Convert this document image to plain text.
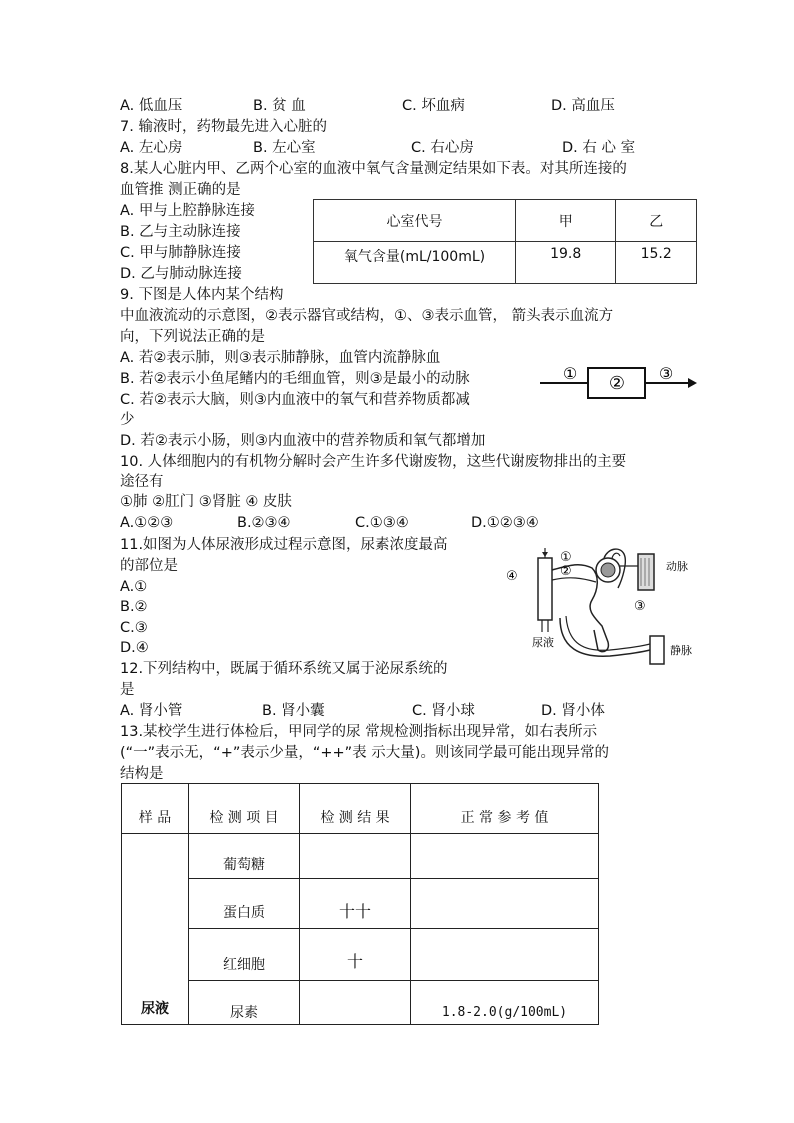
A. 低血压	B. 贫 血	C. 坏血病	D. 高血压
7. 输液时，药物最先进入心脏的
A. 左心房	B. 左心室	C. 右心房	D. 右 心 室
8.某人心脏内甲、乙两个心室的血液中氧气含量测定结果如下表。对其所连接的
血管推 测正确的是
A. 甲与上腔静脉连接
B. 乙与主动脉连接
C. 甲与肺静脉连接
D. 乙与肺动脉连接
心室代号	甲	乙
氧气含量(mL/100mL)	19.8	15.2
9. 下图是人体内某个结构
中血液流动的示意图，②表示器官或结构，①、③表示血管， 箭头表示血流方
向，下列说法正确的是
A. 若②表示肺，则③表示肺静脉，血管内流静脉血
B. 若②表示小鱼尾鳍内的毛细血管，则③是最小的动脉
C. 若②表示大脑，则③内血液中的氧气和营养物质都减
少
D. 若②表示小肠，则③内血液中的营养物质和氧气都增加
① ② ③
10. 人体细胞内的有机物分解时会产生许多代谢废物，这些代谢废物排出的主要
途径有
①肺 ②肛门 ③肾脏 ④ 皮肤
A.①②③	B.②③④	C.①③④	D.①②③④
11.如图为人体尿液形成过程示意图，尿素浓度最高
的部位是
A.①
B.②
C.③
D.④
①
②
③
④
动脉
静脉
尿液
12.下列结构中，既属于循环系统又属于泌尿系统的
是
A. 肾小管	B. 肾小囊	C. 肾小球	D. 肾小体
13.某校学生进行体检后，甲同学的尿 常规检测指标出现异常，如右表所示
(“一”表示无，“+”表示少量，“++”表 示大量)。则该同学最可能出现异常的
结构是
样 品	检 测 项 目	检 测 结 果	正 常 参 考 值
尿液	葡萄糖		
	蛋白质	十十	
	红细胞	十	
	尿素		1.8-2.0(g/100mL)
